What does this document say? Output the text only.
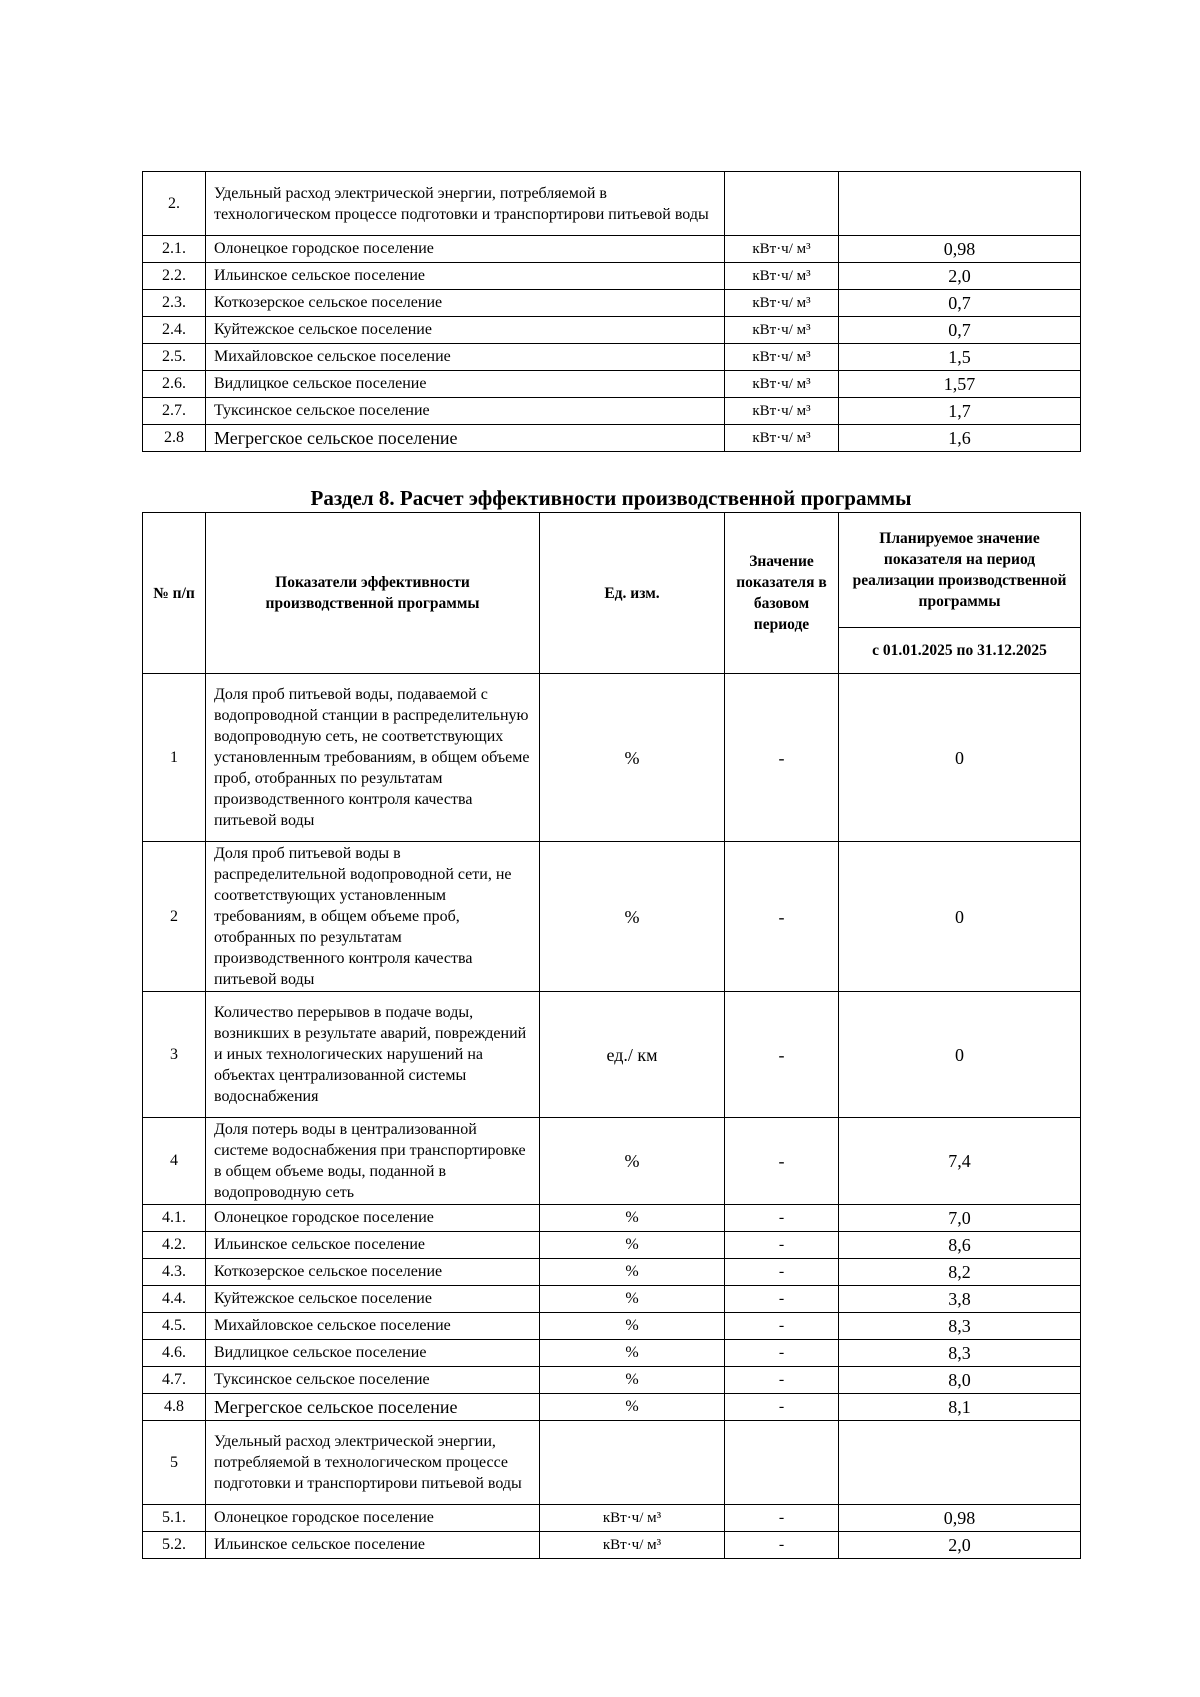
2.	Удельный расход электрической энергии, потребляемой в технологическом процессе подготовки и транспортирови питьевой воды		
2.1.	Олонецкое городское поселение	кВт·ч/ м³	0,98
2.2.	Ильинское сельское поселение	кВт·ч/ м³	2,0
2.3.	Коткозерское сельское поселение	кВт·ч/ м³	0,7
2.4.	Куйтежское сельское поселение	кВт·ч/ м³	0,7
2.5.	Михайловское сельское поселение	кВт·ч/ м³	1,5
2.6.	Видлицкое сельское поселение	кВт·ч/ м³	1,57
2.7.	Туксинское сельское поселение	кВт·ч/ м³	1,7
2.8	Мегрегское сельское поселение	кВт·ч/ м³	1,6
Раздел 8. Расчет эффективности производственной программы
№ п/п	Показатели эффективности производственной программы	Ед. изм.	Значение показателя в базовом периоде	Планируемое значение показателя на период реализации производственной программы
				с 01.01.2025 по 31.12.2025
1	Доля проб питьевой воды, подаваемой с водопроводной станции в распределительную водопроводную сеть, не соответствующих установленным требованиям, в общем объеме проб, отобранных по результатам производственного контроля качества питьевой воды	%	-	0
2	Доля проб питьевой воды в распределительной водопроводной сети, не соответствующих установленным требованиям, в общем объеме проб, отобранных по результатам производственного контроля качества питьевой воды	%	-	0
3	Количество перерывов в подаче воды, возникших в результате аварий, повреждений и иных технологических нарушений на объектах централизованной системы водоснабжения	ед./ км	-	0
4	Доля потерь воды в централизованной системе водоснабжения при транспортировке в общем объеме воды, поданной в водопроводную сеть	%	-	7,4
4.1.	Олонецкое городское поселение	%	-	7,0
4.2.	Ильинское сельское поселение	%	-	8,6
4.3.	Коткозерское сельское поселение	%	-	8,2
4.4.	Куйтежское сельское поселение	%	-	3,8
4.5.	Михайловское сельское поселение	%	-	8,3
4.6.	Видлицкое сельское поселение	%	-	8,3
4.7.	Туксинское сельское поселение	%	-	8,0
4.8	Мегрегское сельское поселение	%	-	8,1
5	Удельный расход электрической энергии, потребляемой в технологическом процессе подготовки и транспортирови питьевой воды			
5.1.	Олонецкое городское поселение	кВт·ч/ м³	-	0,98
5.2.	Ильинское сельское поселение	кВт·ч/ м³	-	2,0
